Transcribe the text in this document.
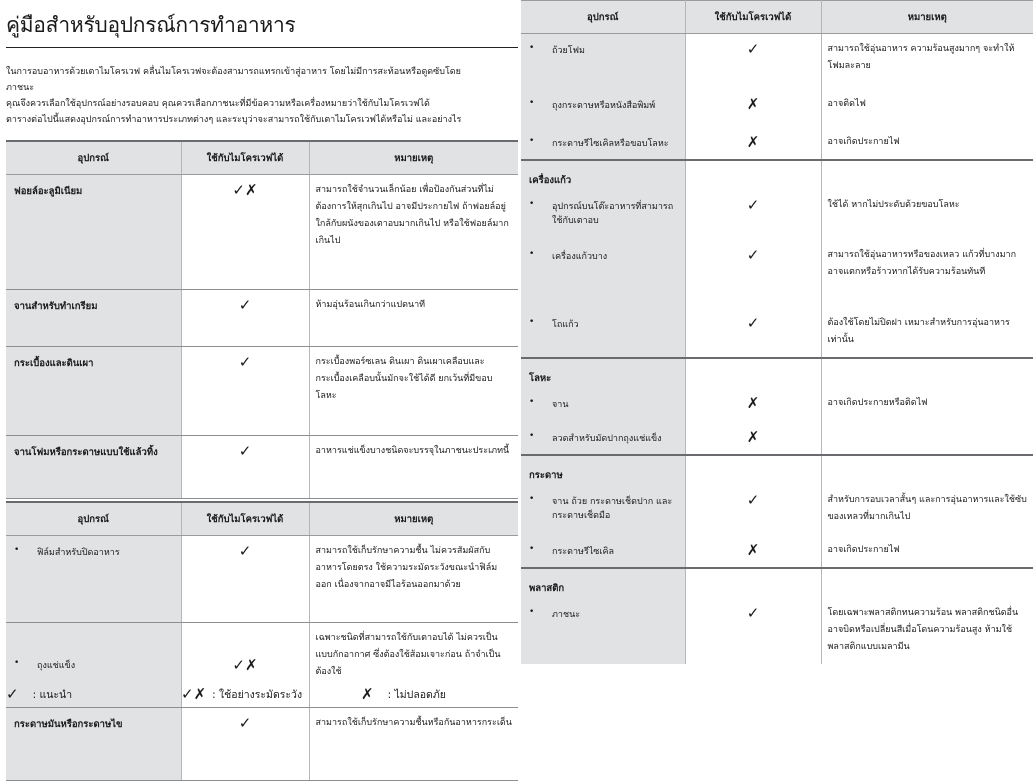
คู่มือสำหรับอุปกรณ์การทำอาหาร

ในการอบอาหารด้วยเตาไมโครเวฟ คลื่นไมโครเวฟจะต้องสามารถแทรกเข้าสู่อาหาร โดยไม่มีการสะท้อนหรือดูดซับโดย

ภาชนะ

คุณจึงควรเลือกใช้อุปกรณ์อย่างรอบคอบ คุณควรเลือกภาชนะที่มีข้อความหรือเครื่องหมายว่าใช้กับไมโครเวฟได้

ตารางต่อไปนี้แสดงอุปกรณ์การทำอาหารประเภทต่างๆ และระบุว่าจะสามารถใช้กับเตาไมโครเวฟได้หรือไม่ และอย่างไร

อุปกรณ์	ใช้กับไมโครเวฟได้	หมายเหตุ
ฟอยล์อะลูมิเนียม	✓✗	สามารถใช้จำนวนเล็กน้อย เพื่อป้องกันส่วนที่ไม่ต้องการให้สุกเกินไป อาจมีประกายไฟ ถ้าฟอยล์อยู่ใกล้กับผนังของเตาอบมากเกินไป หรือใช้ฟอยล์มากเกินไป
จานสำหรับทำเกรียม	✓	ห้ามอุ่นร้อนเกินกว่าแปดนาที
กระเบื้องและดินเผา	✓	กระเบื้องพอร์ซเลน ดินเผา ดินเผาเคลือบและกระเบื้องเคลือบนั้นมักจะใช้ได้ดี ยกเว้นที่มีขอบโลหะ
จานโฟมหรือกระดาษแบบใช้แล้วทิ้ง	✓	อาหารแช่แข็งบางชนิดจะบรรจุในภาชนะประเภทนี้
อุปกรณ์	ใช้กับไมโครเวฟได้	หมายเหตุ

• ฟิล์มสำหรับปิดอาหาร	✓	สามารถใช้เก็บรักษาความชื้น ไม่ควรสัมผัสกับอาหารโดยตรง ใช้ความระมัดระวังขณะนำฟิล์มออก เนื่องจากอาจมีไอร้อนออกมาด้วย

• ถุงแช่แข็ง	✓✗	เฉพาะชนิดที่สามารถใช้กับเตาอบได้ ไม่ควรเป็นแบบกักอากาศ ซึ่งต้องใช้ส้อมเจาะก่อน ถ้าจำเป็นต้องใช้
กระดาษมันหรือกระดาษไข	✓	สามารถใช้เก็บรักษาความชื้นหรือกันอาหารกระเด็น
✓ : แนะนำ	✓✗ : ใช้อย่างระมัดระวัง	✗ : ไม่ปลอดภัย
อุปกรณ์	ใช้กับไมโครเวฟได้	หมายเหตุ

• ถ้วยโฟม	✓	สามารถใช้อุ่นอาหาร ความร้อนสูงมากๆ จะทำให้โฟมละลาย

• ถุงกระดาษหรือหนังสือพิมพ์	✗	อาจติดไฟ

• กระดาษรีไซเคิลหรือขอบโลหะ	✗	อาจเกิดประกายไฟ
เครื่องแก้ว		

• อุปกรณ์บนโต๊ะอาหารที่สามารถใช้กับเตาอบ	✓	ใช้ได้ หากไม่ประดับด้วยขอบโลหะ

• เครื่องแก้วบาง	✓	สามารถใช้อุ่นอาหารหรือของเหลว แก้วที่บางมากอาจแตกหรือร้าวหากได้รับความร้อนทันที

• โถแก้ว	✓	ต้องใช้โดยไม่ปิดฝา เหมาะสำหรับการอุ่นอาหารเท่านั้น
โลหะ		

• จาน	✗	อาจเกิดประกายหรือติดไฟ

• ลวดสำหรับมัดปากถุงแช่แข็ง	✗	
กระดาษ		

• จาน ถ้วย กระดาษเช็ดปาก และกระดาษเช็ดมือ	✓	สำหรับการอบเวลาสั้นๆ และการอุ่นอาหารและใช้ซับของเหลวที่มากเกินไป

• กระดาษรีไซเคิล	✗	อาจเกิดประกายไฟ
พลาสติก		

• ภาชนะ	✓	โดยเฉพาะพลาสติกทนความร้อน พลาสติกชนิดอื่นอาจบิดหรือเปลี่ยนสีเมื่อโดนความร้อนสูง ห้ามใช้พลาสติกแบบเมลามีน
